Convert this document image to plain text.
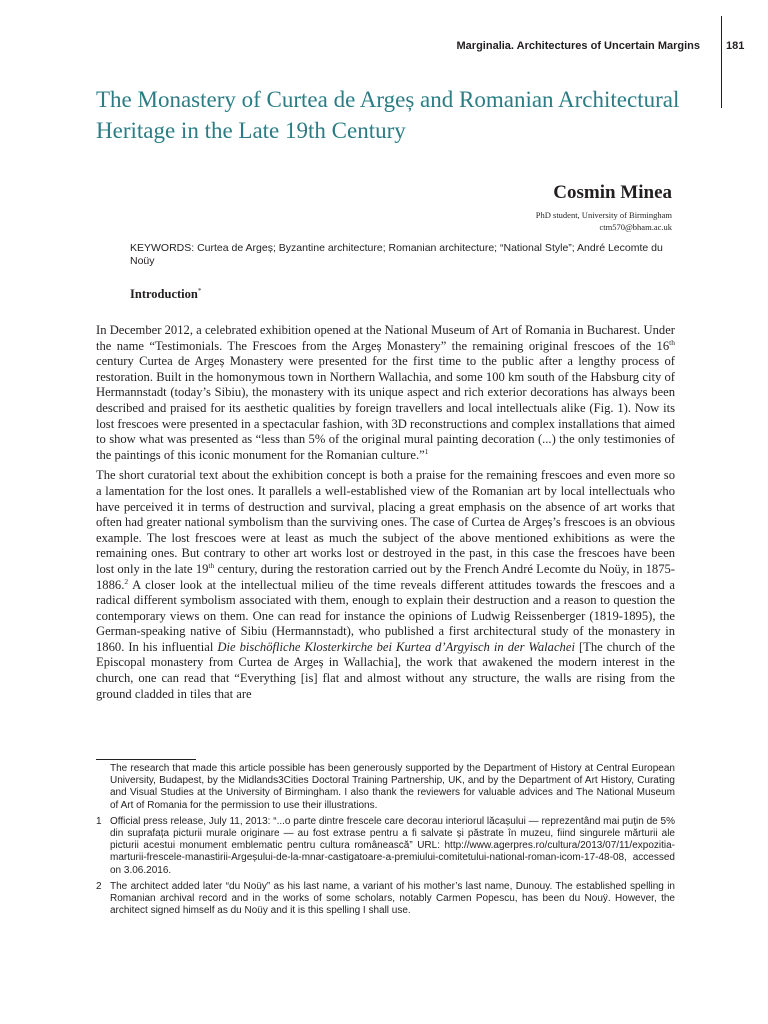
Marginalia. Architectures of Uncertain Margins	181
The Monastery of Curtea de Argeș and Romanian Architectural Heritage in the Late 19th Century
Cosmin Minea
PhD student, University of Birmingham
ctm570@bham.ac.uk
KEYWORDS: Curtea de Argeș; Byzantine architecture; Romanian architecture; “National Style”; André Lecomte du Noüy
Introduction*

In December 2012, a celebrated exhibition opened at the National Museum of Art of Romania in Bucharest. Under the name “Testimonials. The Frescoes from the Argeș Monastery” the remaining original frescoes of the 16th century Curtea de Argeș Monastery were presented for the first time to the public after a lengthy process of restoration. Built in the homonymous town in Northern Wallachia, and some 100 km south of the Habsburg city of Hermannstadt (today’s Sibiu), the monastery with its unique aspect and rich exterior decorations has always been described and praised for its aesthetic qualities by foreign travellers and local intellectuals alike (Fig. 1). Now its lost frescoes were presented in a spectacular fashion, with 3D reconstructions and complex installations that aimed to show what was presented as “less than 5% of the original mural painting decoration (...) the only testimonies of the paintings of this iconic monument for the Romanian culture.”$^1$

The short curatorial text about the exhibition concept is both a praise for the remaining frescoes and even more so a lamentation for the lost ones. It parallels a well-established view of the Romanian art by local intellectuals who have perceived it in terms of destruction and survival, placing a great emphasis on the absence of art works that often had greater national symbolism than the surviving ones. The case of Curtea de Argeș’s frescoes is an obvious example. The lost frescoes were at least as much the subject of the above mentioned exhibitions as were the remaining ones. But contrary to other art works lost or destroyed in the past, in this case the frescoes have been lost only in the late 19th century, during the restoration carried out by the French André Lecomte du Noüy, in 1875-1886.$^2$ A closer look at the intellectual milieu of the time reveals different attitudes towards the frescoes and a radical different symbolism associated with them, enough to explain their destruction and a reason to question the contemporary views on them. One can read for instance the opinions of Ludwig Reissenberger (1819-1895), the German-speaking native of Sibiu (Hermannstadt), who published a first architectural study of the monastery in 1860. In his influential Die bischöfliche Klosterkirche bei Kurtea d’Argyisch in der Walachei [The church of the Episcopal monastery from Curtea de Argeș in Wallachia], the work that awakened the modern interest in the church, one can read that “Everything [is] flat and almost without any structure, the walls are rising from the ground cladded in tiles that are

The research that made this article possible has been generously supported by the Department of History at Central European University, Budapest, by the Midlands3Cities Doctoral Training Partnership, UK, and by the Department of Art History, Curating and Visual Studies at the University of Birmingham. I also thank the reviewers for valuable advices and The National Museum of Art of Romania for the permission to use their illustrations.
1 Official press release, July 11, 2013: “...o parte dintre frescele care decorau interiorul lăcașului — reprezentând mai puțin de 5% din suprafața picturii murale originare — au fost extrase pentru a fi salvate și păstrate în muzeu, fiind singurele mărturii ale picturii acestui monument emblematic pentru cultura românească” URL: http://www.agerpres.ro/cultura/2013/07/11/expozitia-marturii-frescele-manastirii-Argeșului-de-la-mnar-castigatoare-a-premiului-comitetului-national-roman-icom-17-48-08, accessed on 3.06.2016.
2 The architect added later “du Noüy” as his last name, a variant of his mother’s last name, Dunouy. The established spelling in Romanian archival record and in the works of some scholars, notably Carmen Popescu, has been du Nouÿ. However, the architect signed himself as du Noüy and it is this spelling I shall use.
